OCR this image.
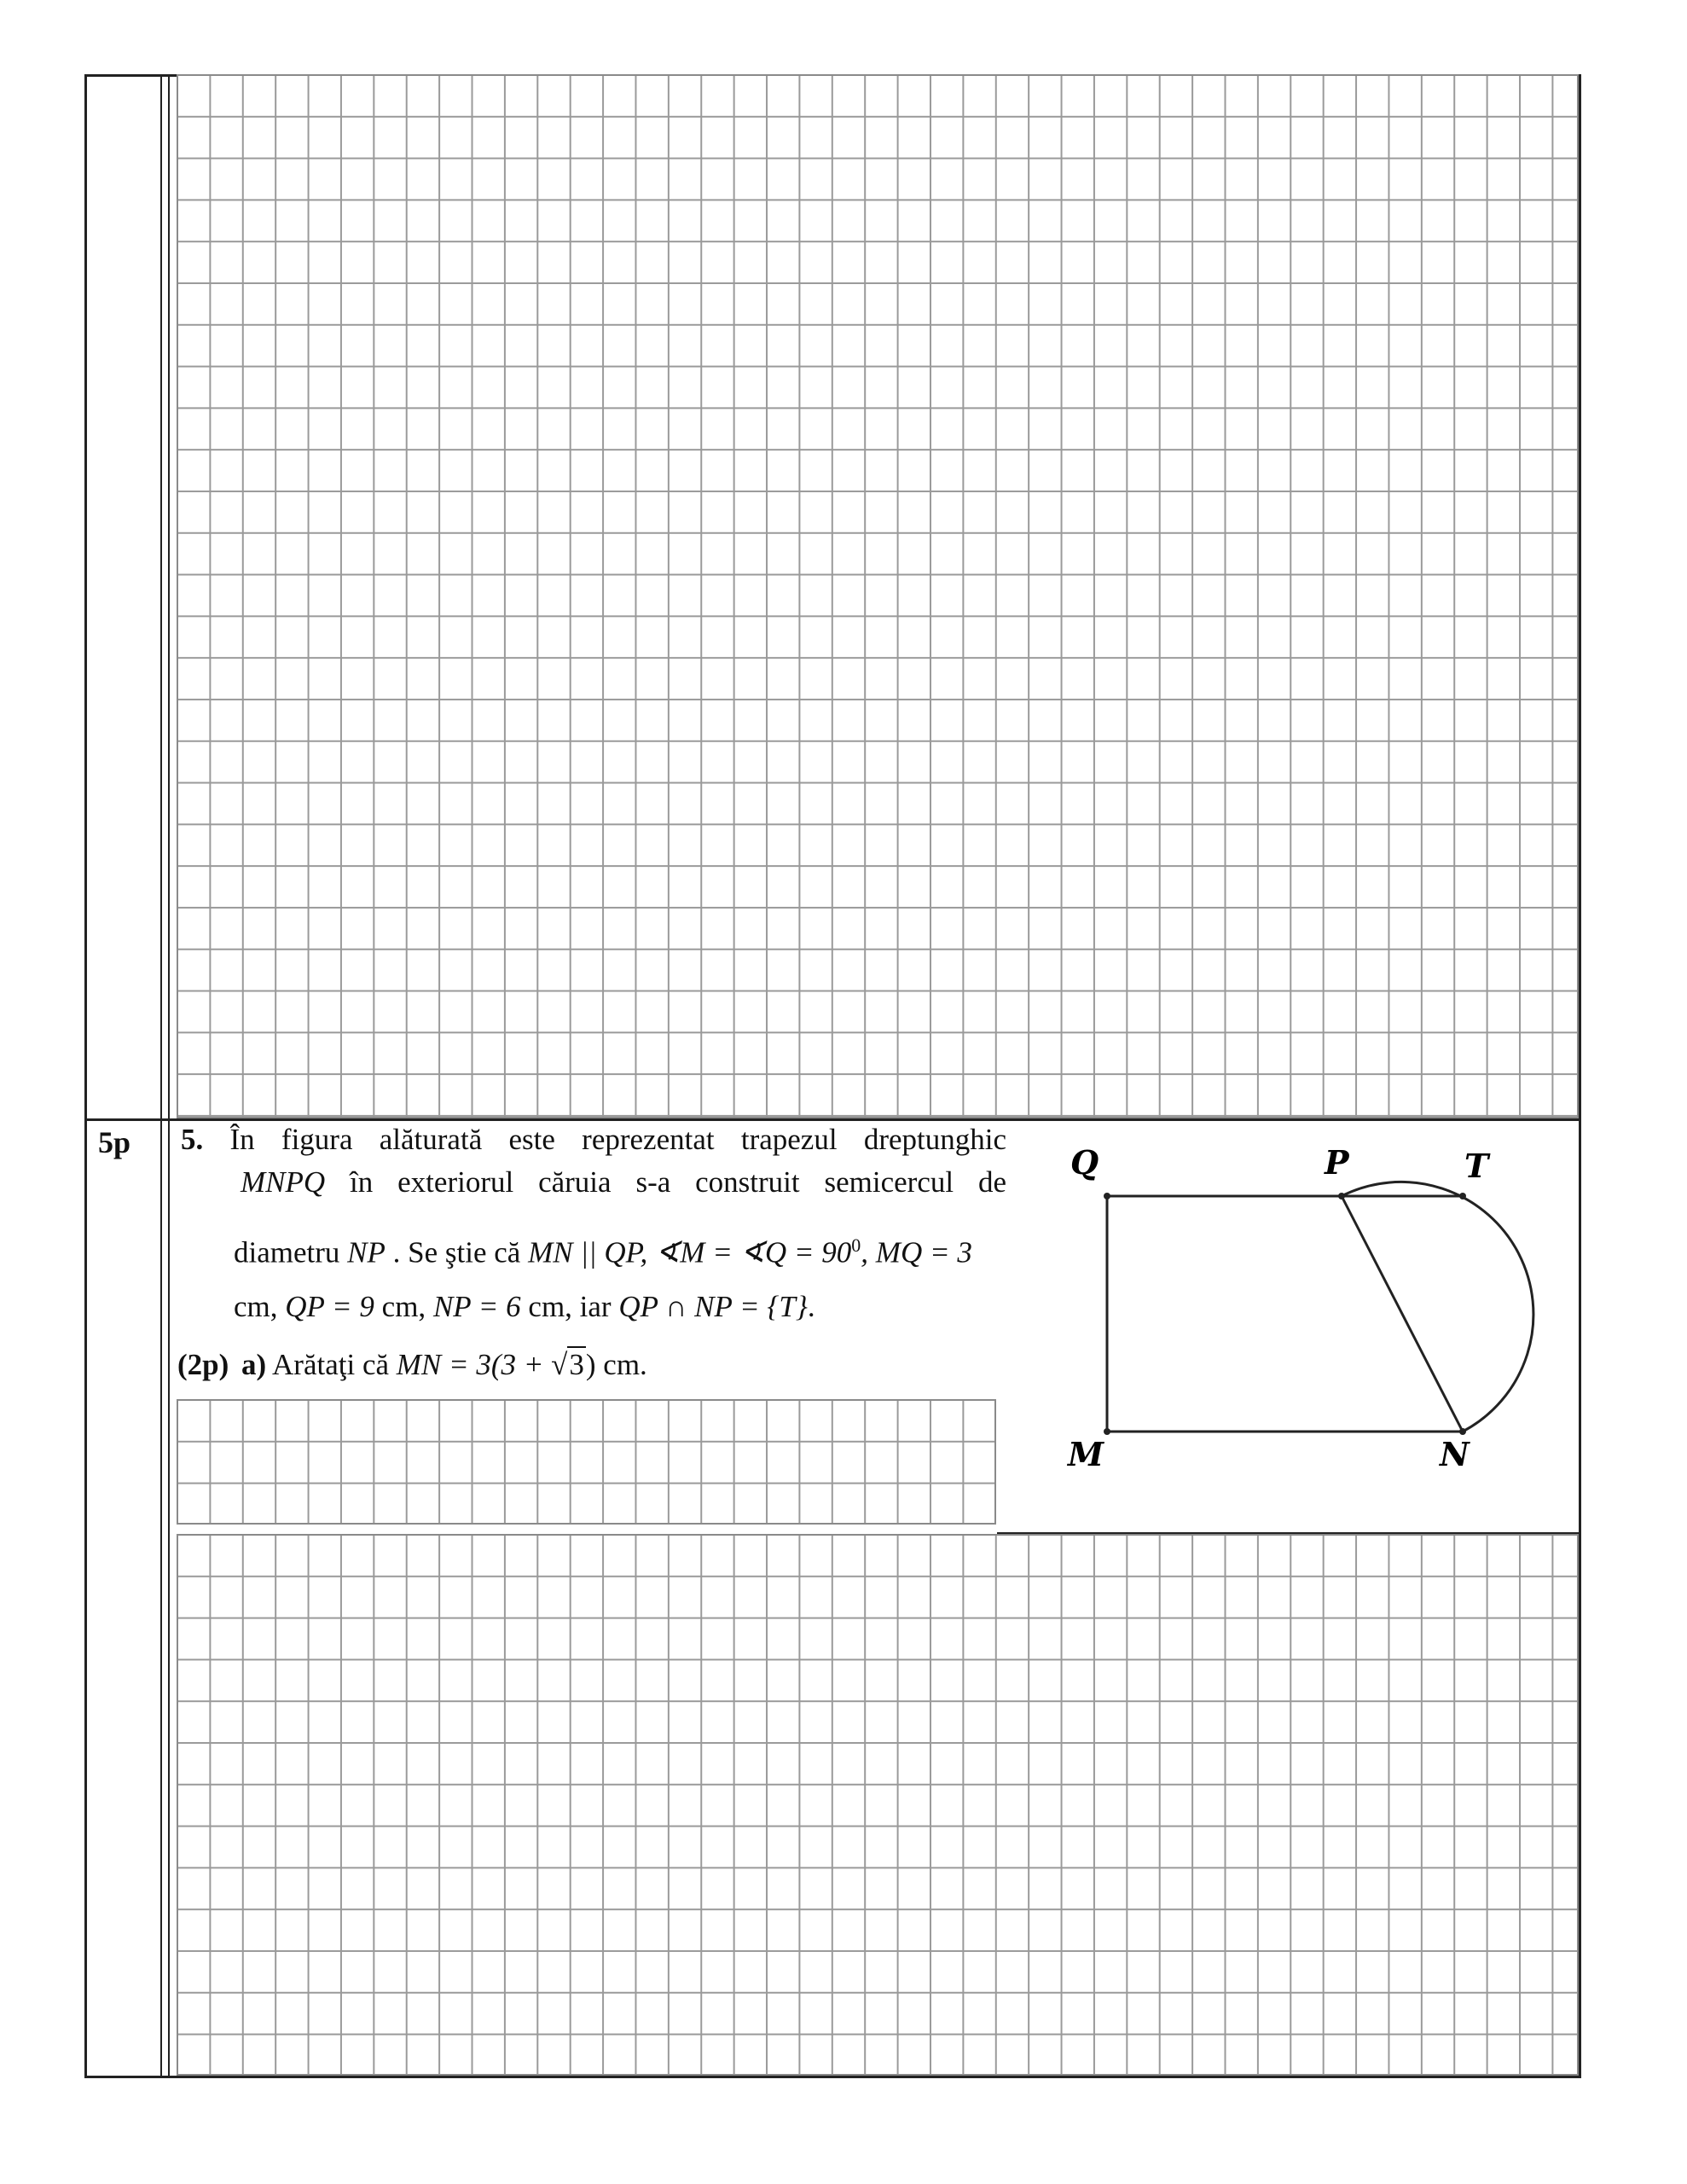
5p 5. În figura alăturată este reprezentat trapezul dreptunghic
MNPQ în exteriorul căruia s-a construit semicercul de
diametru NP . Se ştie că MN || QP, ∢M = ∢Q = $90^0$, MQ = 3
cm, QP = 9 cm, NP = 6 cm, iar QP ∩ NP = {T}.
(2p) a) Arătaţi că MN = 3(3 + √3) cm.
Q	P	T
M	N
